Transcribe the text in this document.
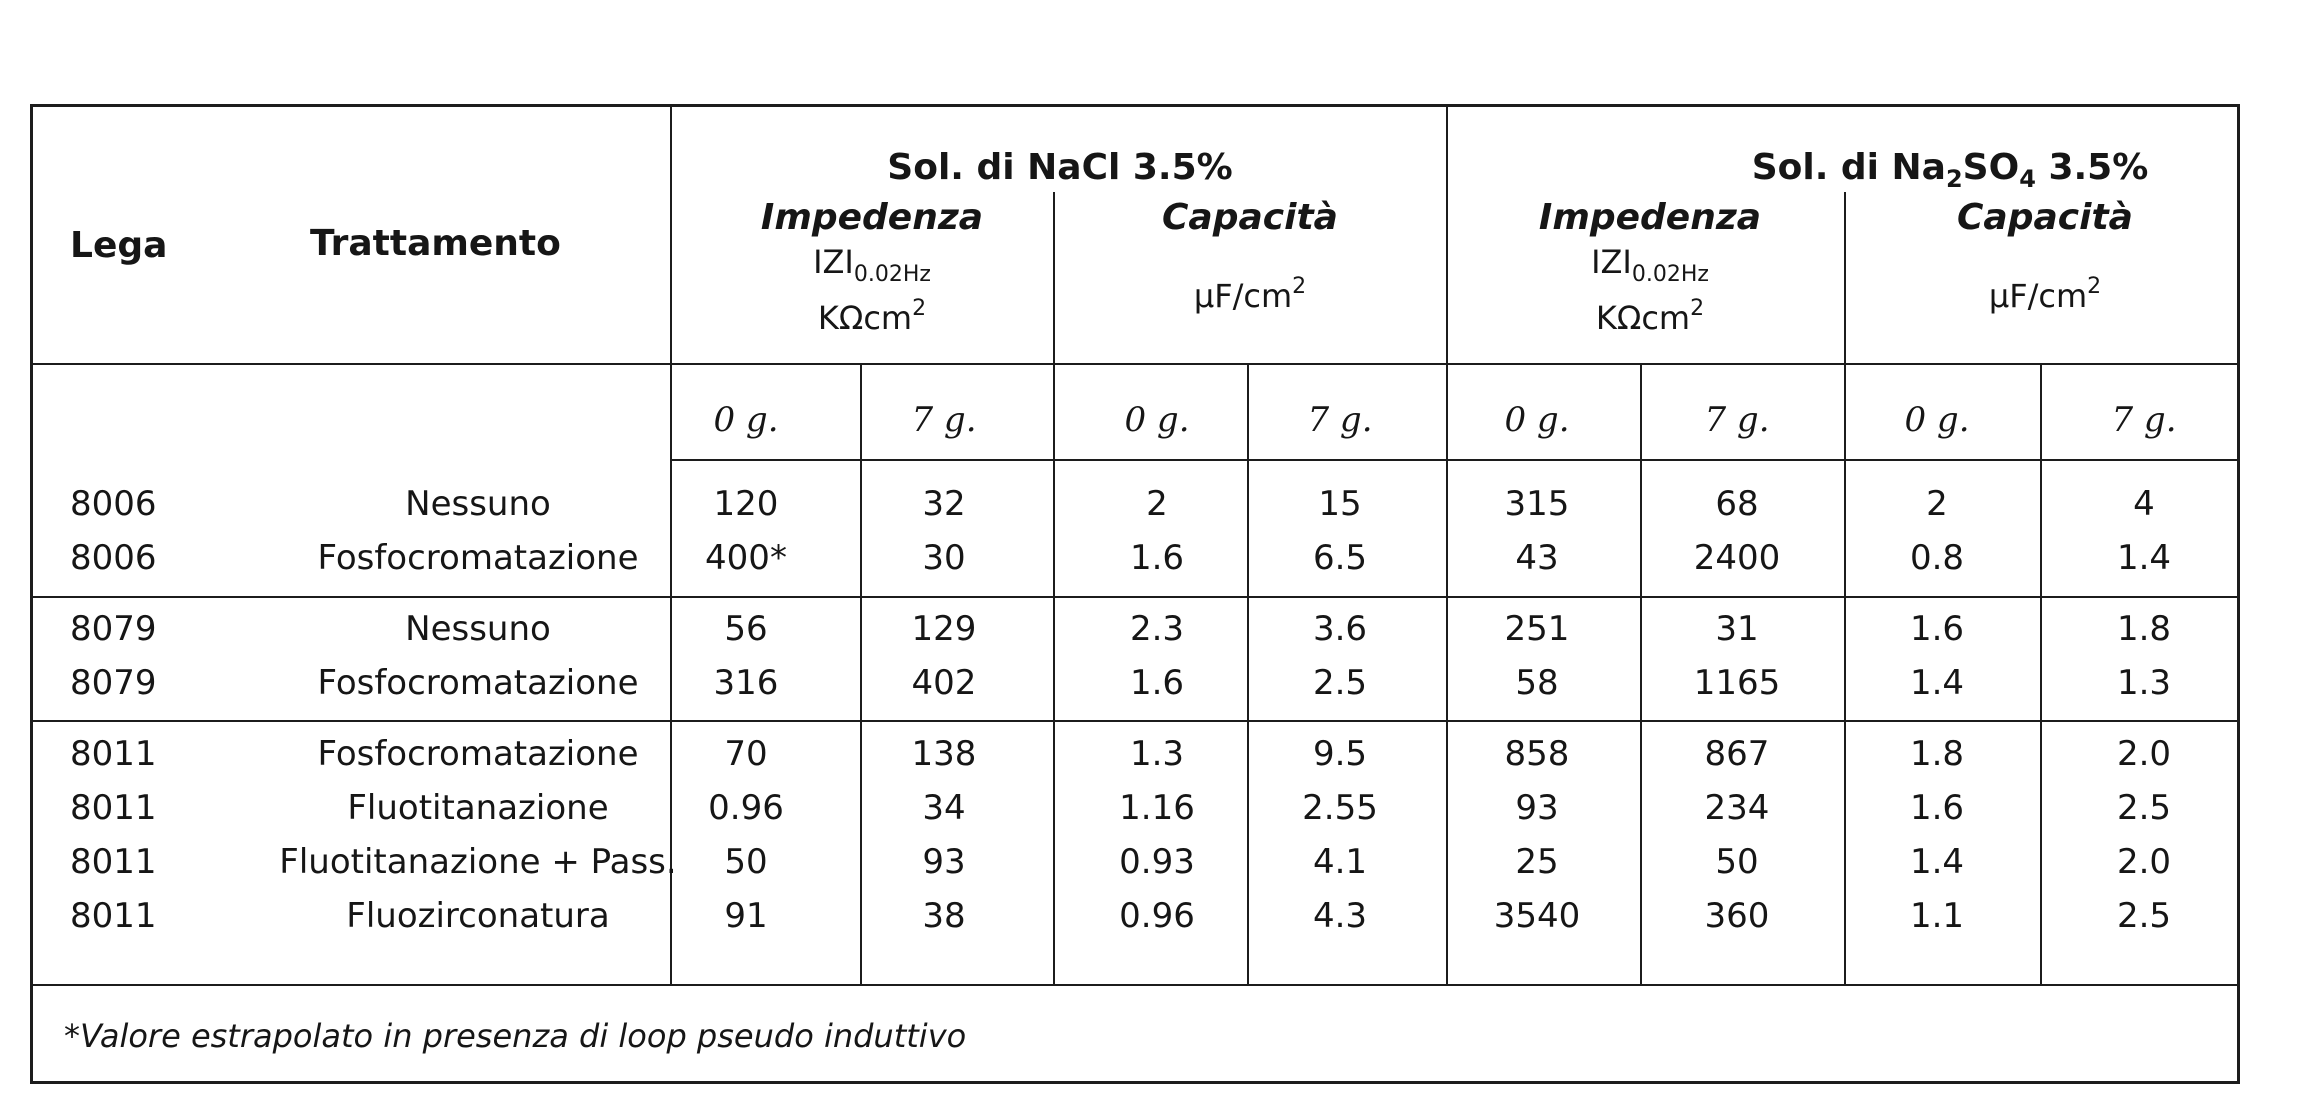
Lega	Trattamento
Sol. di NaCl 3.5%
Impedenza
$IZI_{0.02Hz}$
KΩcm$^2$
Capacità
$\mu F/cm^2$
Sol. di $Na_2SO_4$ 3.5%
Impedenza
$IZI_{0.02Hz}$
KΩcm$^2$
Capacità
$\mu F/cm^2$
0 g.	7 g.	0 g.	7 g.	0 g.	7 g.	0 g.	7 g.
8006	Nessuno	120	32	2	15	315	68	2	4
8006	Fosfocromatazione 400*	30	1.6	6.5	43	2400	0.8	1.4
8079	Nessuno	56	129	2.3	3.6	251	31	1.6	1.8
8079	Fosfocromatazione 316	402	1.6	2.5	58	1165	1.4	1.3
8011	Fosfocromatazione	70	138	1.3	9.5	858	867	1.8	2.0
8011	Fluotitanazione	0.96	34	1.16	2.55	93	234	1.6	2.5
8011	Fluotitanazione + Pass. 50	93	0.93	4.1	25	50	1.4	2.0
8011	Fluozirconatura	91	38	0.96	4.3	3540	360	1.1	2.5
*Valore estrapolato in presenza di loop pseudo induttivo
